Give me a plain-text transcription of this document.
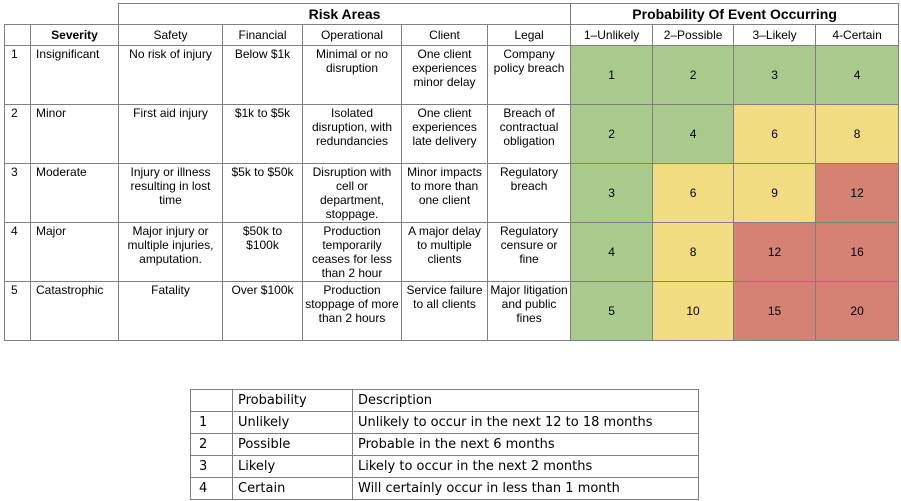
		Risk Areas					Probability Of Event Occurring			
	Severity	Safety	Financial	Operational	Client	Legal	1–Unlikely	2–Possible	3–Likely	4-Certain
1	Insignificant	No risk of injury	Below $1k	Minimal or no disruption	One client experiences minor delay	Company policy breach	1	2	3	4
2	Minor	First aid injury	$1k to $5k	Isolated disruption, with redundancies	One client experiences late delivery	Breach of contractual obligation	2	4	6	8
3	Moderate	Injury or illness resulting in lost time	$5k to $50k	Disruption with cell or department, stoppage.	Minor impacts to more than one client	Regulatory breach	3	6	9	12
4	Major	Major injury or multiple injuries, amputation.	$50k to $100k	Production temporarily ceases for less than 2 hour	A major delay to multiple clients	Regulatory censure or fine	4	8	12	16
5	Catastrophic	Fatality	Over $100k	Production stoppage of more than 2 hours	Service failure to all clients	Major litigation and public fines	5	10	15	20
	Probability	Description
1	Unlikely	Unlikely to occur in the next 12 to 18 months
2	Possible	Probable in the next 6 months
3	Likely	Likely to occur in the next 2 months
4	Certain	Will certainly occur in less than 1 month
